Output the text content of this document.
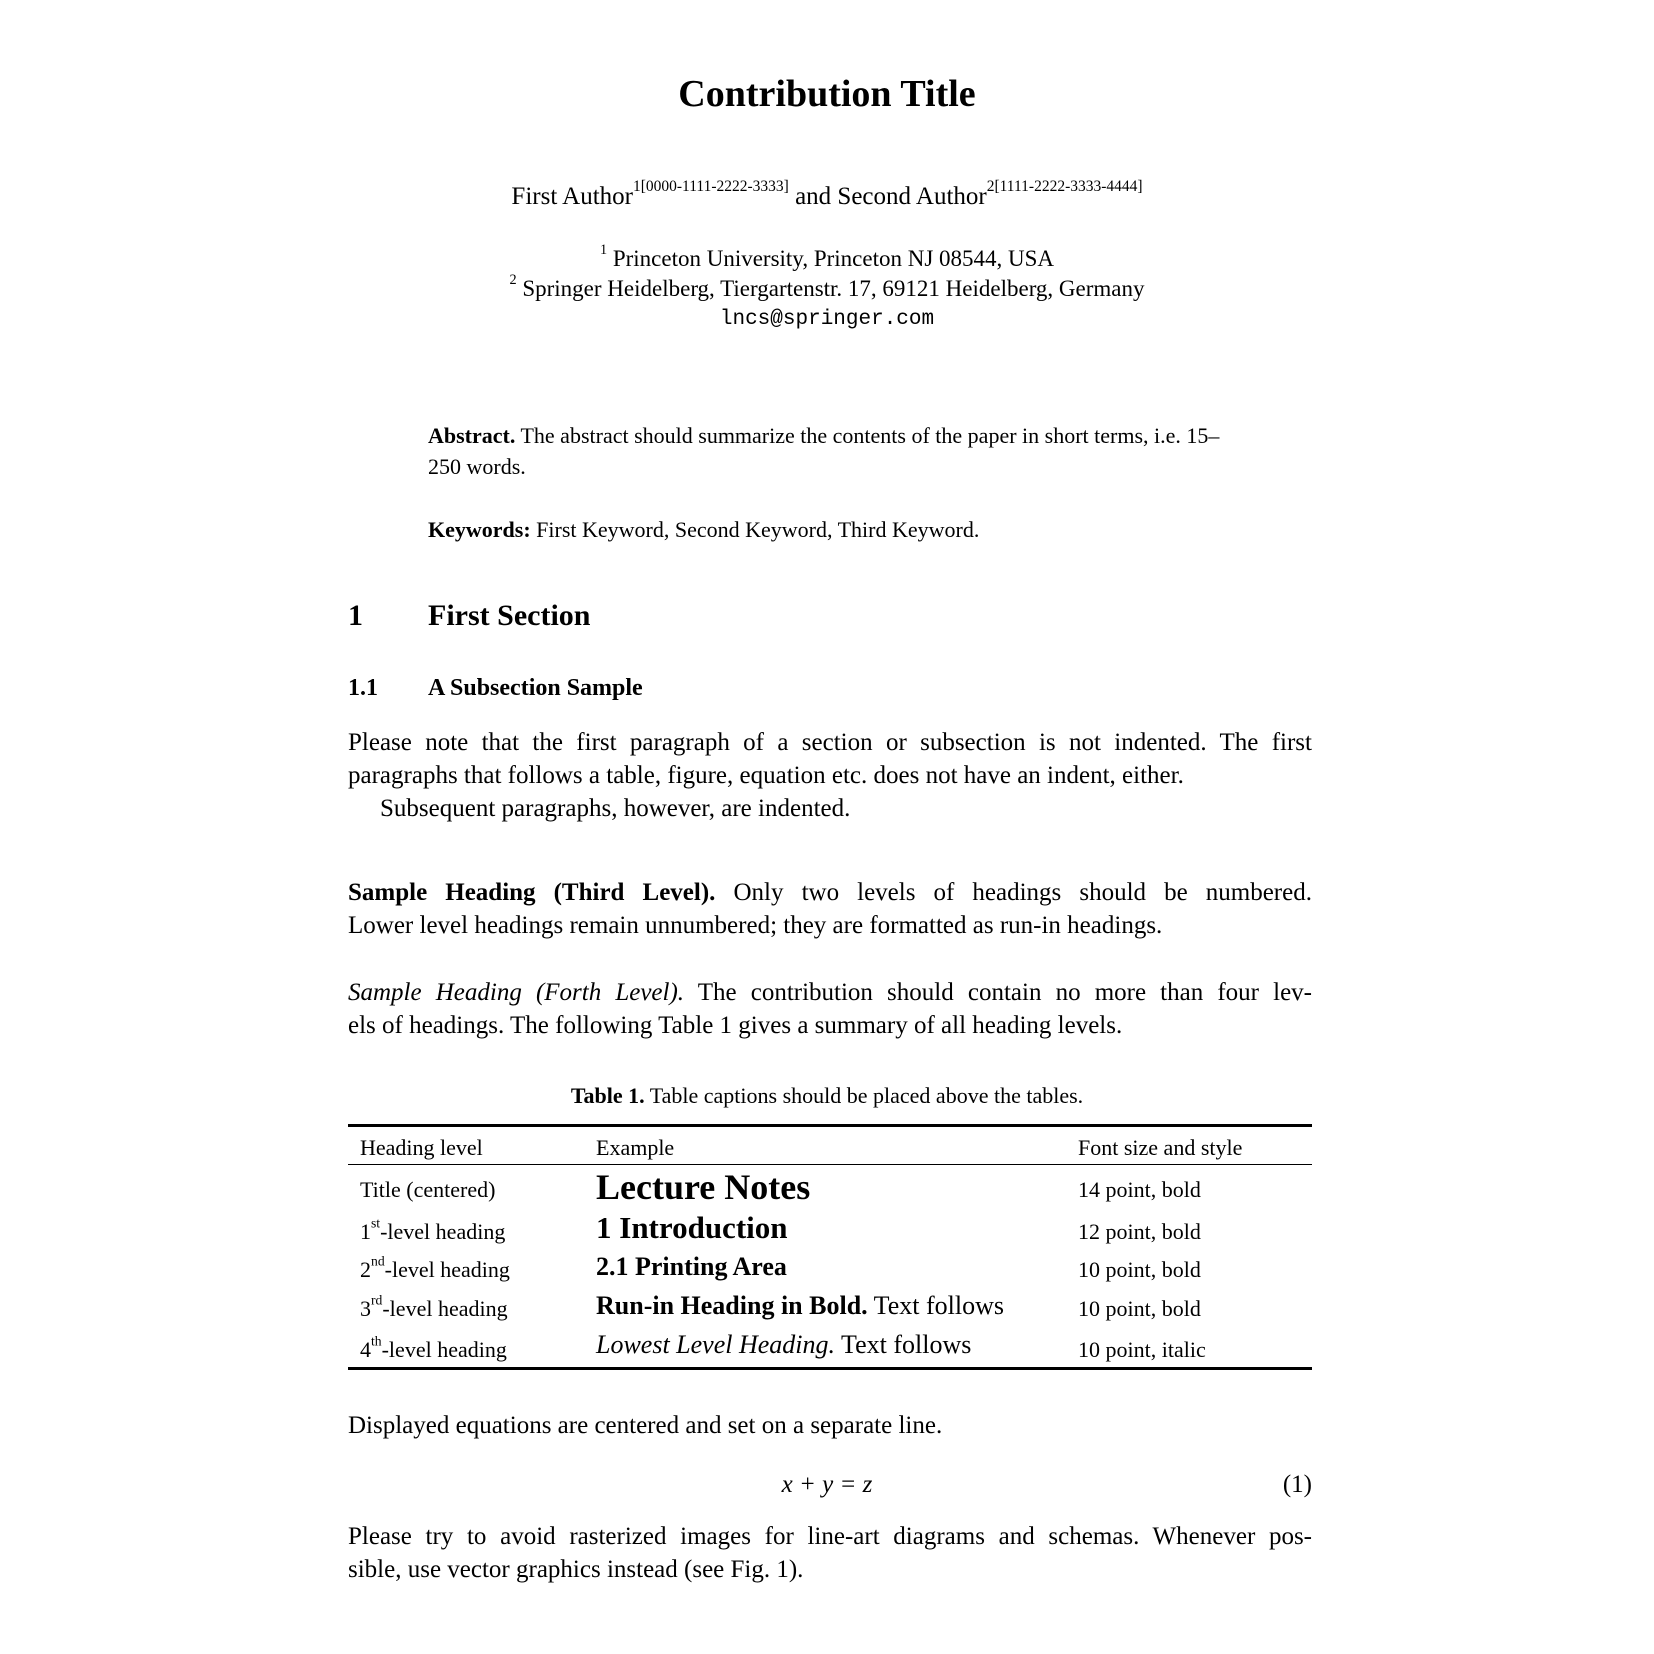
Contribution Title
First Author$^{1[0000-1111-2222-3333]}$ and Second Author$^{2[1111-2222-3333-4444]}$
$^1$ Princeton University, Princeton NJ 08544, USA
$^2$ Springer Heidelberg, Tiergartenstr. 17, 69121 Heidelberg, Germany
lncs@springer.com
Abstract. The abstract should summarize the contents of the paper in short terms, i.e. 15–250 words.
Keywords: First Keyword, Second Keyword, Third Keyword.
1 First Section
1.1 A Subsection Sample
Please note that the first paragraph of a section or subsection is not indented. The first
paragraphs that follows a table, figure, equation etc. does not have an indent, either.
Subsequent paragraphs, however, are indented.
Sample Heading (Third Level). Only two levels of headings should be numbered.
Lower level headings remain unnumbered; they are formatted as run-in headings.
Sample Heading (Forth Level). The contribution should contain no more than four lev-
els of headings. The following Table 1 gives a summary of all heading levels.
Table 1. Table captions should be placed above the tables.
Heading level	Example	Font size and style
Title (centered)	Lecture Notes	14 point, bold
1st-level heading	1 Introduction	12 point, bold
2nd-level heading	2.1 Printing Area	10 point, bold
3rd-level heading	Run-in Heading in Bold. Text follows	10 point, bold
4th-level heading	Lowest Level Heading. Text follows	10 point, italic
Displayed equations are centered and set on a separate line.
x + y = z	(1)
Please try to avoid rasterized images for line-art diagrams and schemas. Whenever pos-
sible, use vector graphics instead (see Fig. 1).
